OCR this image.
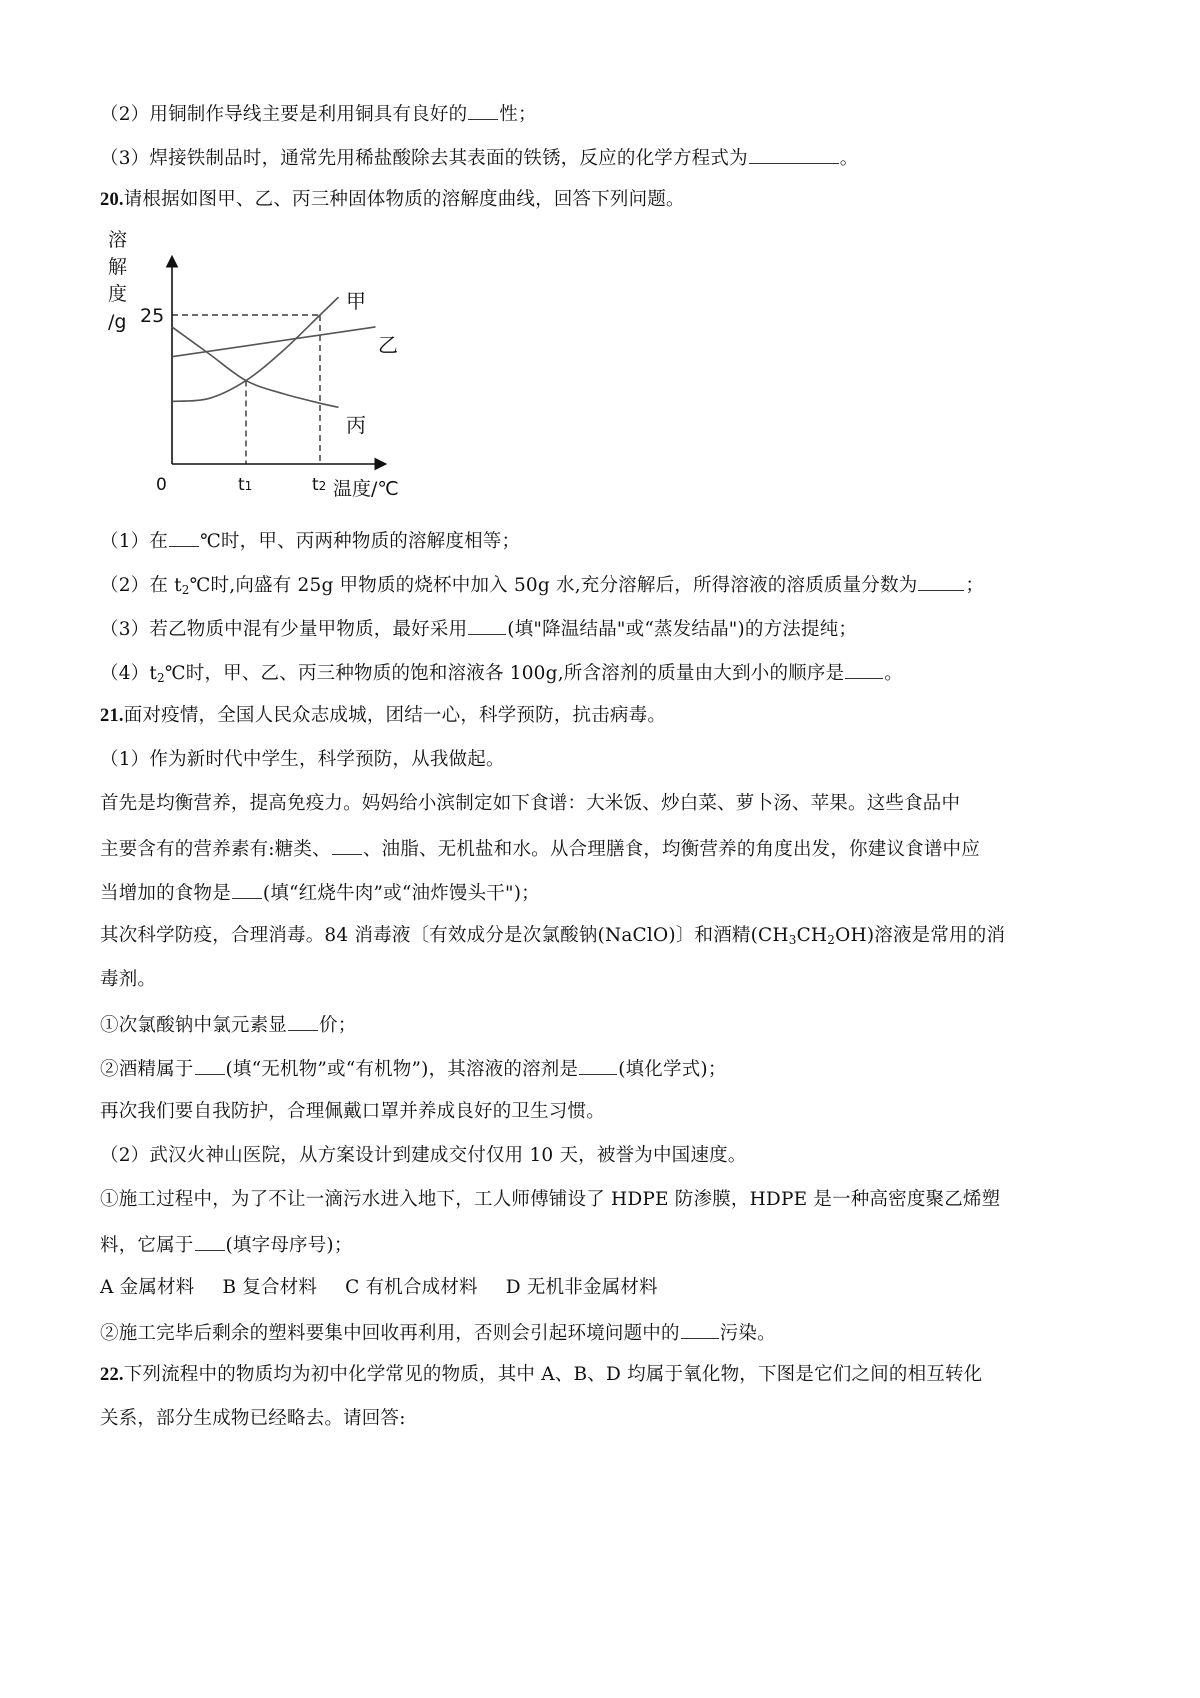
（2）用铜制作导线主要是利用铜具有良好的 性；
（3）焊接铁制品时，通常先用稀盐酸除去其表面的铁锈，反应的化学方程式为	。
20.请根据如图甲、乙、丙三种固体物质的溶解度曲线，回答下列问题。
溶
解
度
/g
甲
乙
丙
25
0	t1	t2 温度/℃
（1）在 ℃时，甲、丙两种物质的溶解度相等；
（2）在 $t_2℃$时,向盛有 25g 甲物质的烧杯中加入 50g 水,充分溶解后，所得溶液的溶质质量分数为	；
（3）若乙物质中混有少量甲物质，最好采用 (填"降温结晶"或“蒸发结晶")的方法提纯；
$(4)t_2℃$时，甲、乙、丙三种物质的饱和溶液各 100g,所含溶剂的质量由大到小的顺序是 。
21.面对疫情，全国人民众志成城，团结一心，科学预防，抗击病毒。
（1）作为新时代中学生，科学预防，从我做起。
首先是均衡营养，提高免疫力。妈妈给小滨制定如下食谱：大米饭、炒白菜、萝卜汤、苹果。这些食品中
主要含有的营养素有:糖类、 、油脂、无机盐和水。从合理膳食，均衡营养的角度出发，你建议食谱中应
当增加的食物是 (填“红烧牛肉”或“油炸馒头干")；
其次科学防疫，合理消毒。84 消毒液〔有效成分是次氯酸钠(NaClO)〕和酒精$(CH_3CH_2OH)$溶液是常用的消
毒剂。
①次氯酸钠中氯元素显 价；
②酒精属于 (填“无机物”或“有机物”)，其溶液的溶剂是 (填化学式)；
再次我们要自我防护，合理佩戴口罩并养成良好的卫生习惯。
（2）武汉火神山医院，从方案设计到建成交付仅用 10 天，被誉为中国速度。
①施工过程中，为了不让一滴污水进入地下，工人师傅铺设了 HDPE 防渗膜，HDPE 是一种高密度聚乙烯塑
料，它属于 (填字母序号)；
A 金属材料 B 复合材料 C 有机合成材料 D 无机非金属材料
②施工完毕后剩余的塑料要集中回收再利用，否则会引起环境问题中的 污染。
22.下列流程中的物质均为初中化学常见的物质，其中 A、B、D 均属于氧化物，下图是它们之间的相互转化
关系，部分生成物已经略去。请回答:
